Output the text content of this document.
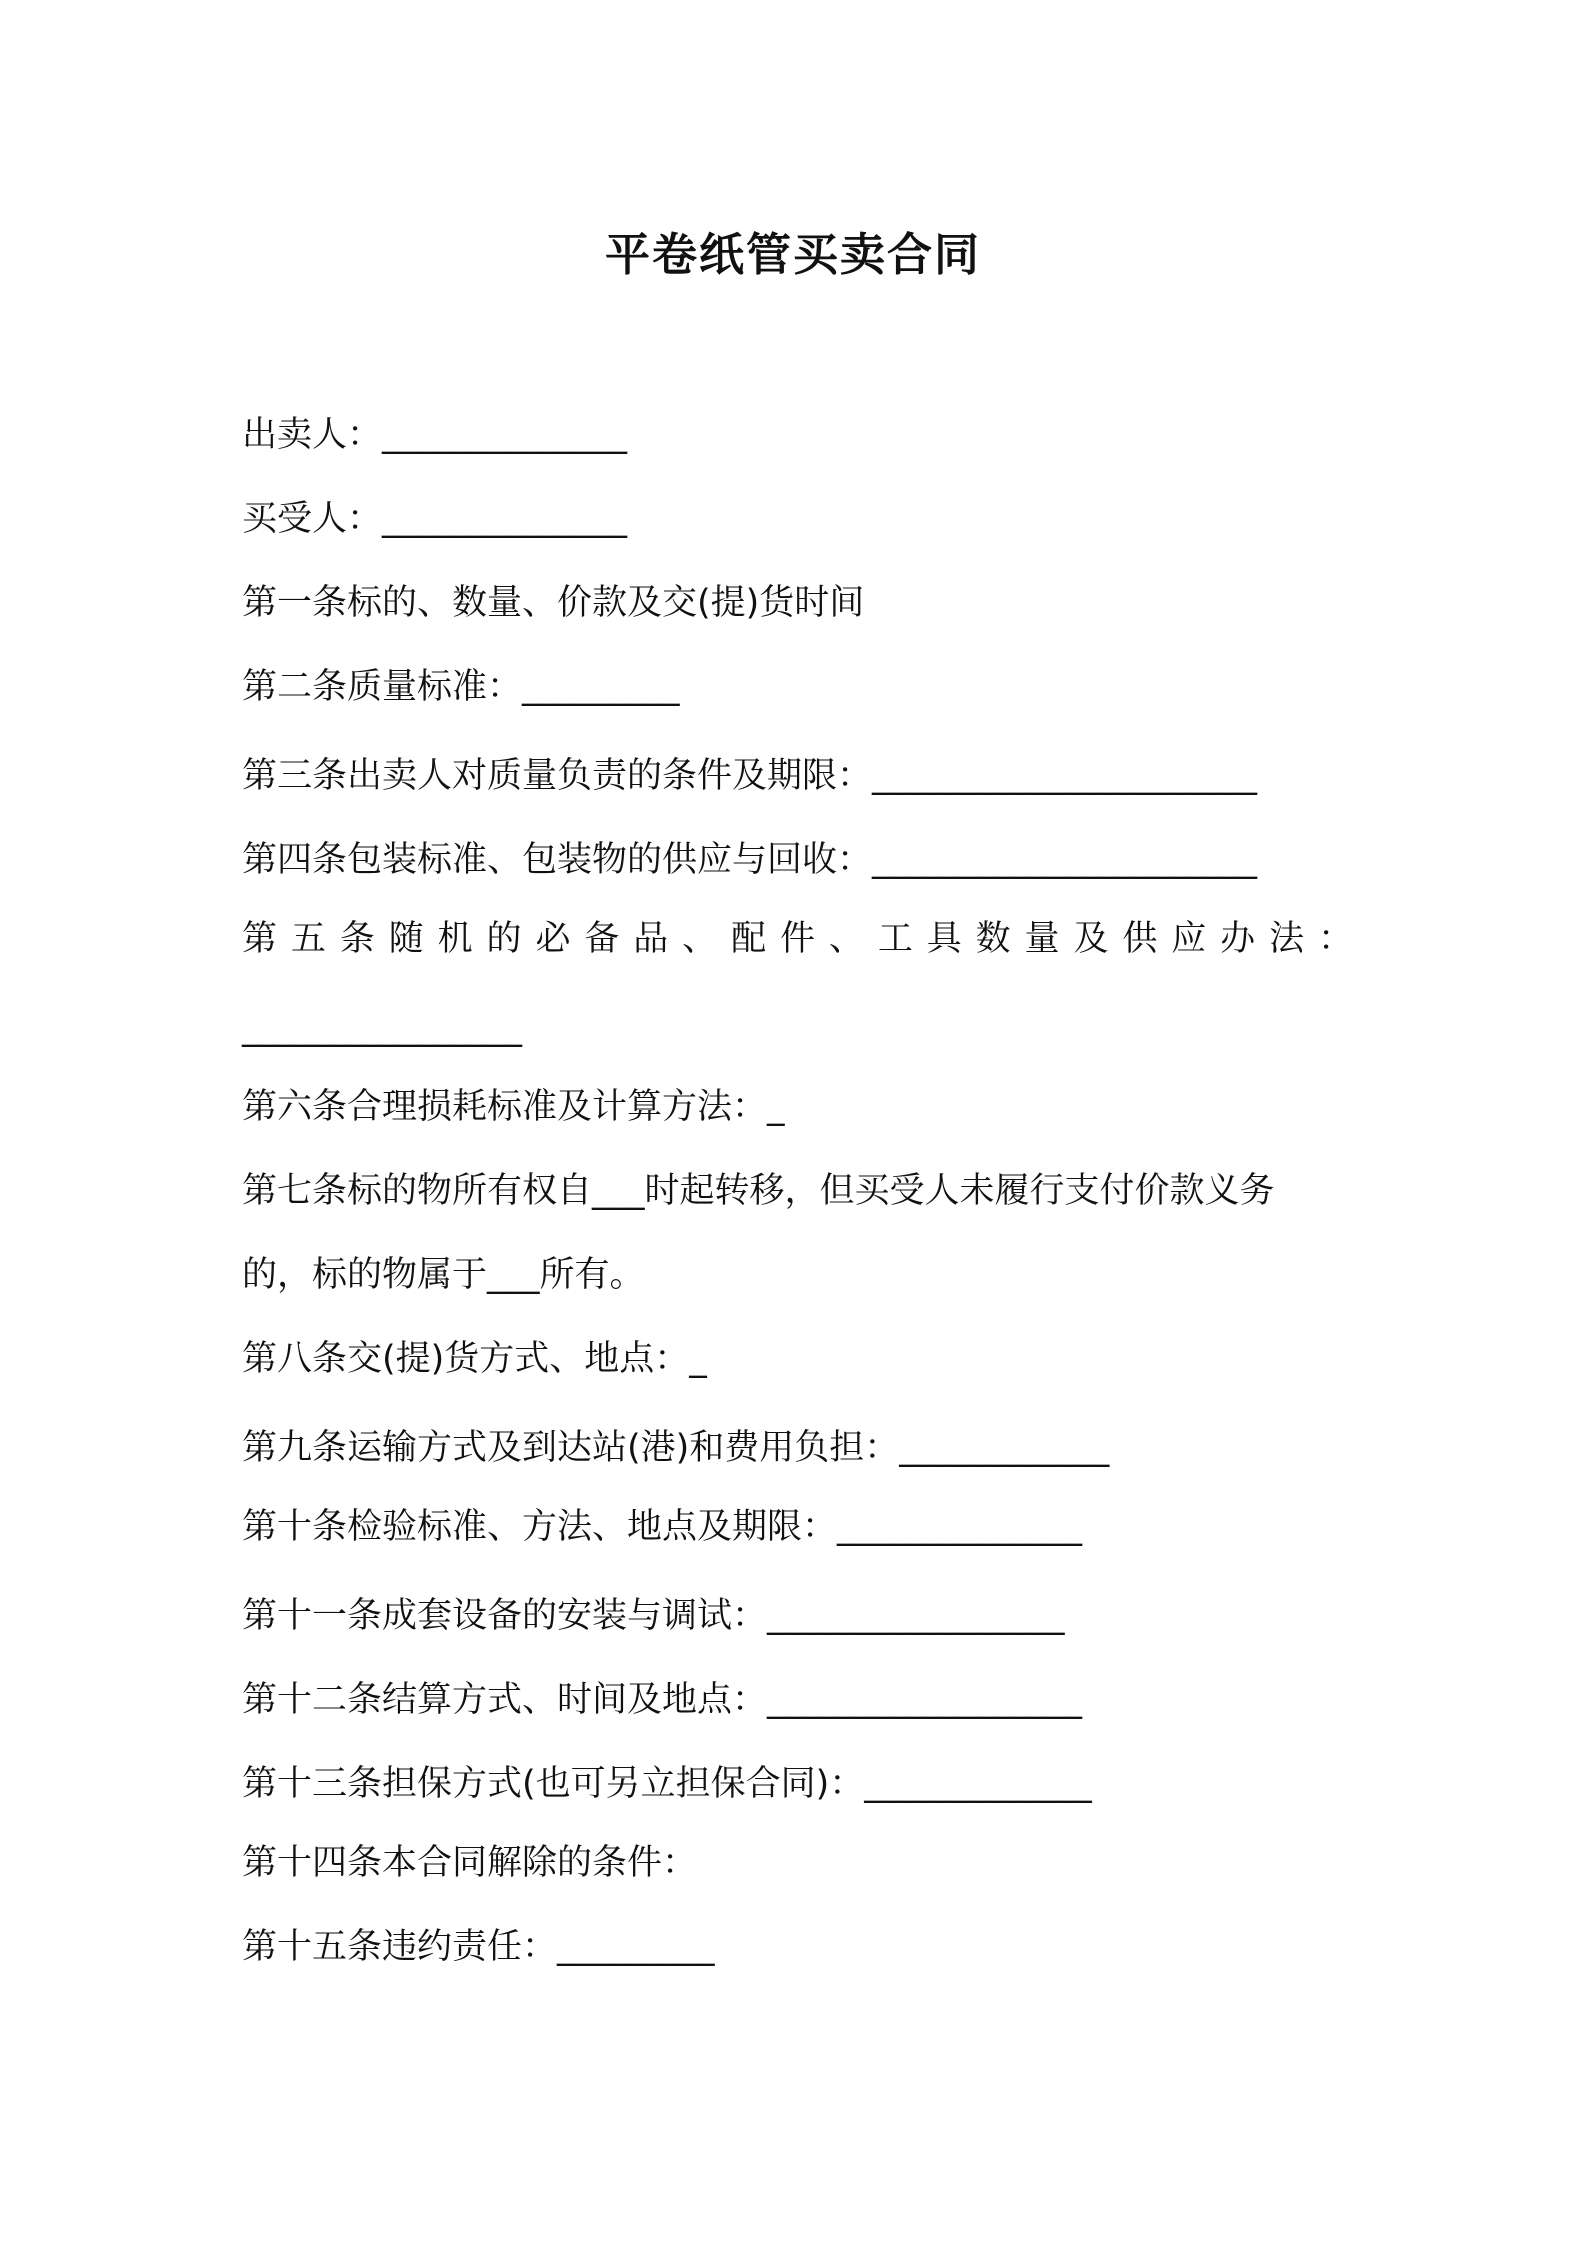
平卷纸管买卖合同
出卖人：______________
买受人：______________
第一条标的、数量、价款及交(提)货时间
第二条质量标准：_________
第三条出卖人对质量负责的条件及期限：______________________
第四条包装标准、包装物的供应与回收：______________________
第 五 条 随 机 的 必 备 品 、 配 件 、 工 具 数 量 及 供 应 办 法 ：
________________
第六条合理损耗标准及计算方法：_
第七条标的物所有权自___时起转移，但买受人未履行支付价款义务
的，标的物属于___所有。
第八条交(提)货方式、地点：_
第九条运输方式及到达站(港)和费用负担：____________
第十条检验标准、方法、地点及期限：______________
第十一条成套设备的安装与调试：_________________
第十二条结算方式、时间及地点：__________________
第十三条担保方式(也可另立担保合同)：_____________
第十四条本合同解除的条件：
第十五条违约责任：_________
